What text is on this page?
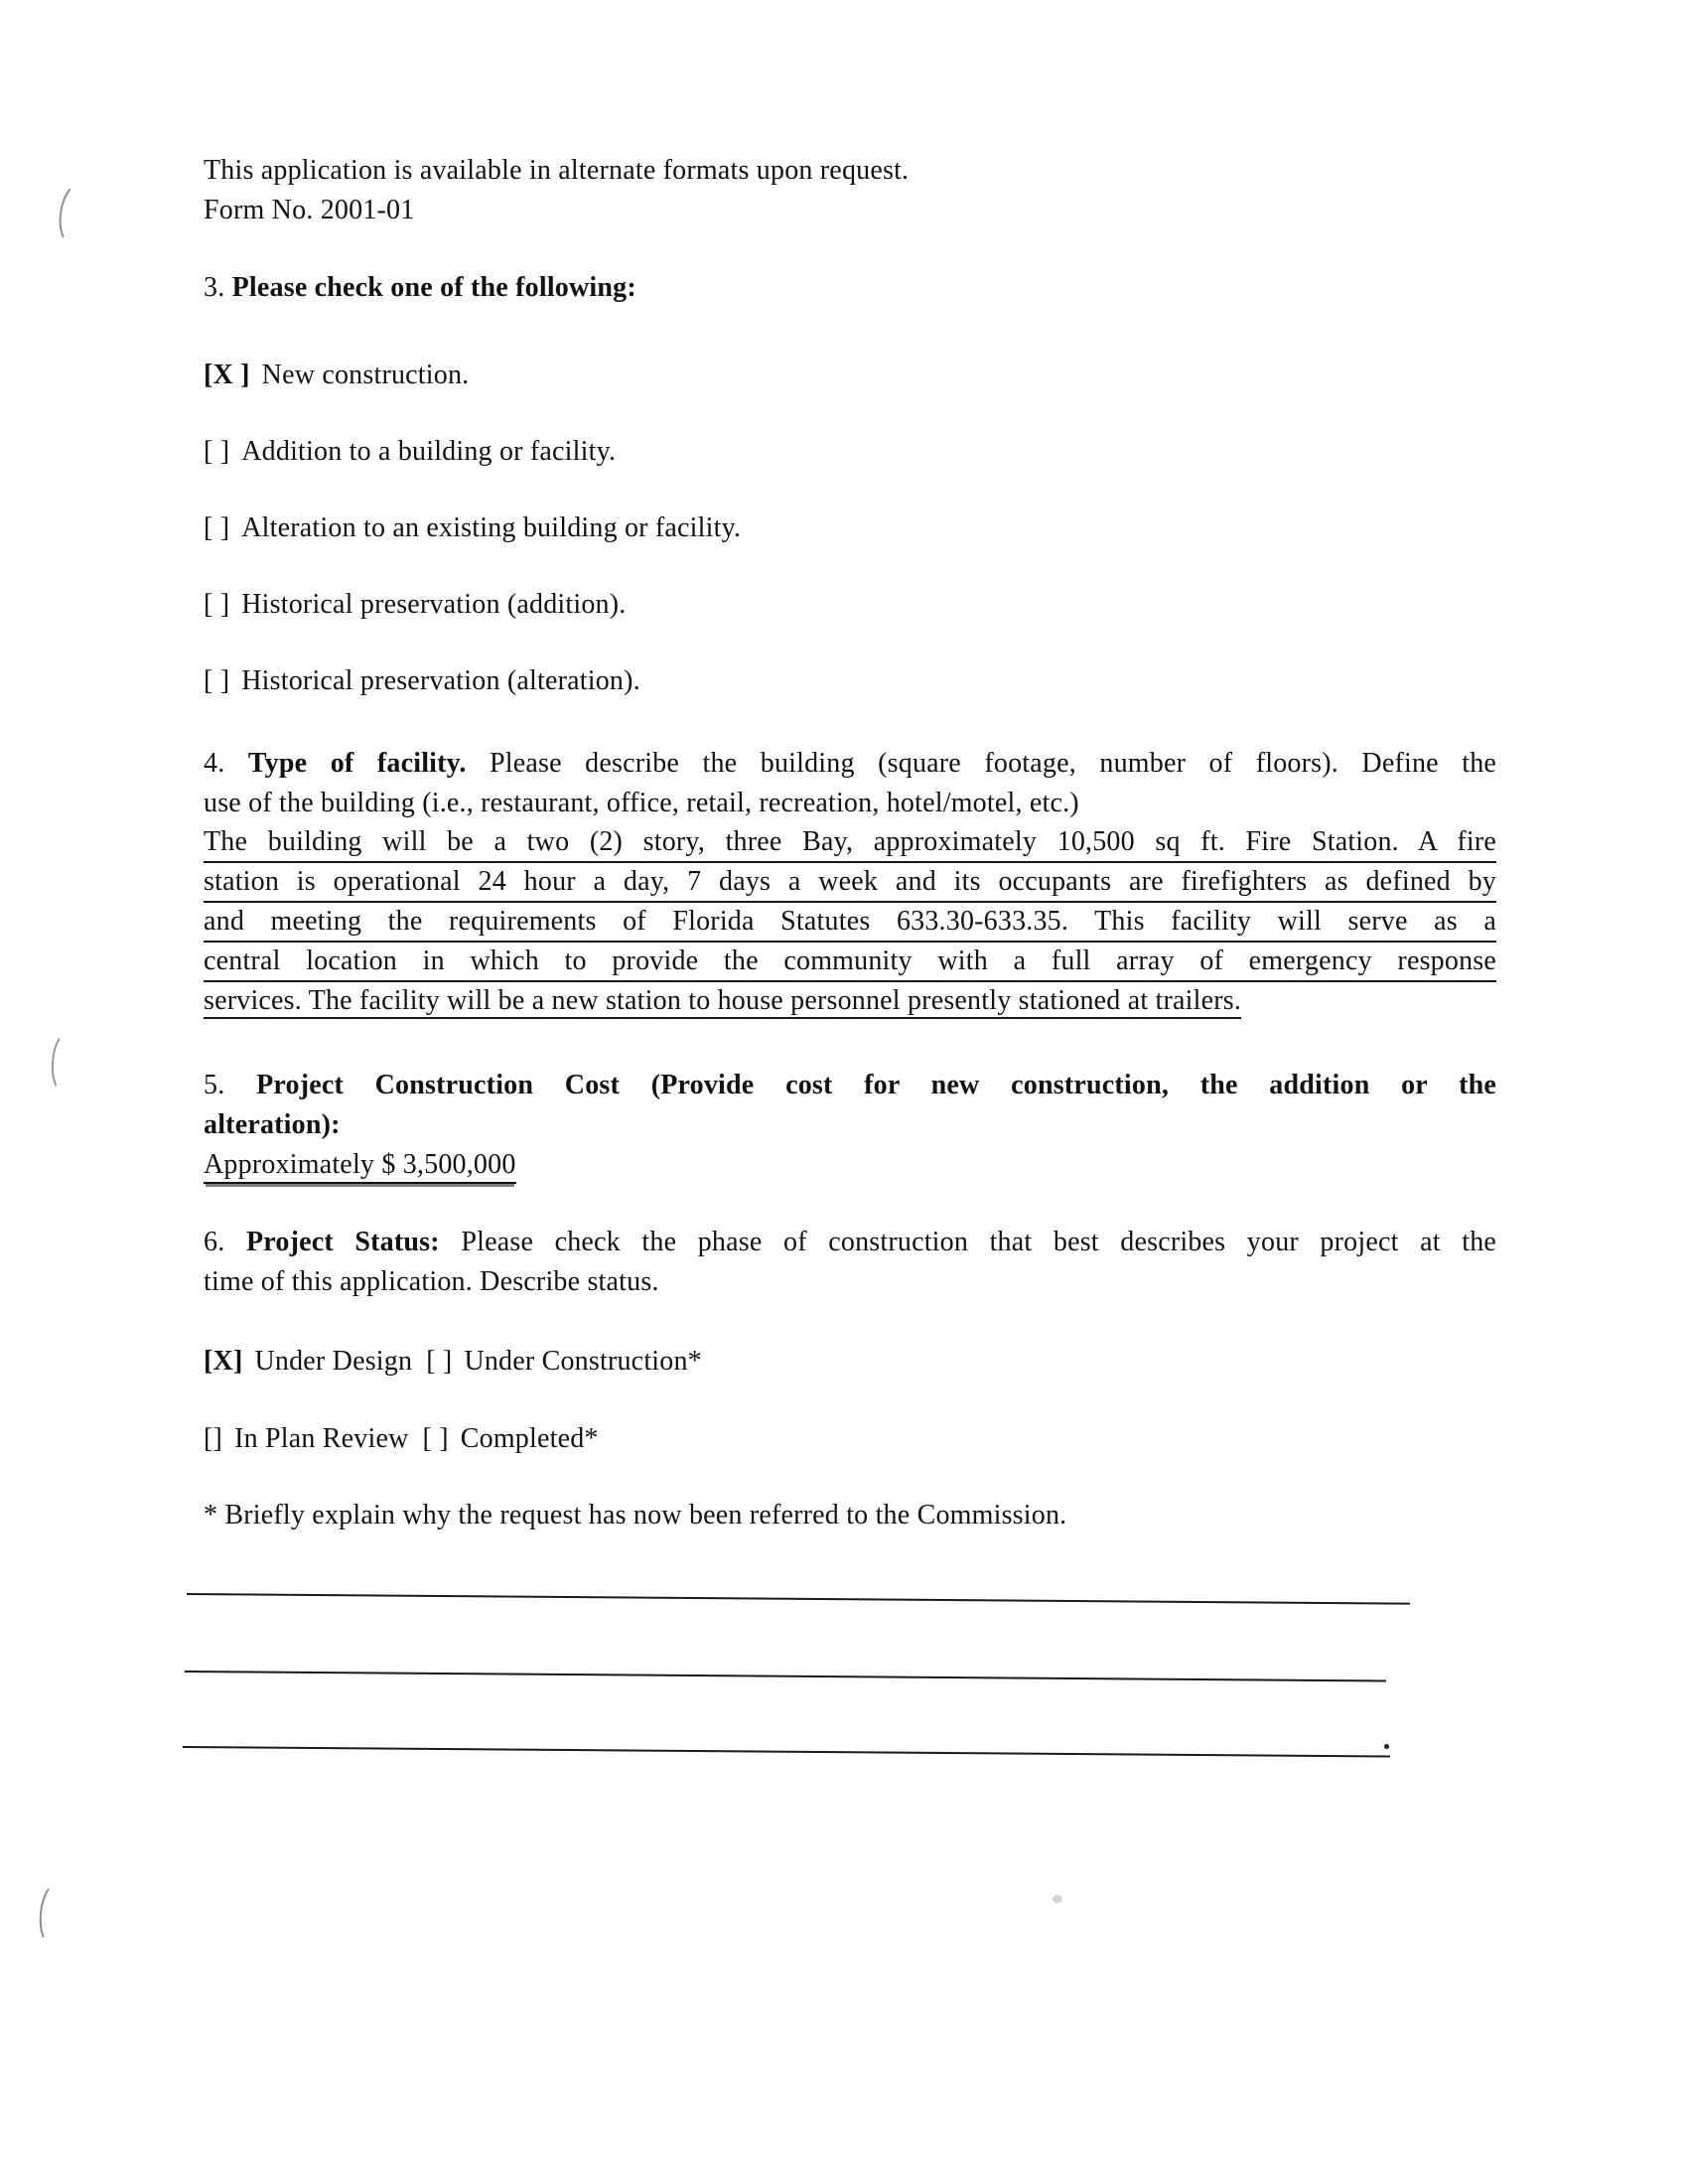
This application is available in alternate formats upon request.
Form No. 2001-01
3. Please check one of the following:
[X ] New construction.
[ ] Addition to a building or facility.
[ ] Alteration to an existing building or facility.
[ ] Historical preservation (addition).
[ ] Historical preservation (alteration).
4. Type of facility. Please describe the building (square footage, number of floors). Define the
use of the building (i.e., restaurant, office, retail, recreation, hotel/motel, etc.)
The building will be a two (2) story, three Bay, approximately 10,500 sq ft. Fire Station. A fire
station is operational 24 hour a day, 7 days a week and its occupants are firefighters as defined by
and meeting the requirements of Florida Statutes 633.30-633.35. This facility will serve as a
central location in which to provide the community with a full array of emergency response
services. The facility will be a new station to house personnel presently stationed at trailers.
5. Project Construction Cost (Provide cost for new construction, the addition or the
alteration):
Approximately $ 3,500,000
6. Project Status: Please check the phase of construction that best describes your project at the
time of this application. Describe status.
[X] Under Design [ ] Under Construction*
[] In Plan Review [ ] Completed*
* Briefly explain why the request has now been referred to the Commission.
